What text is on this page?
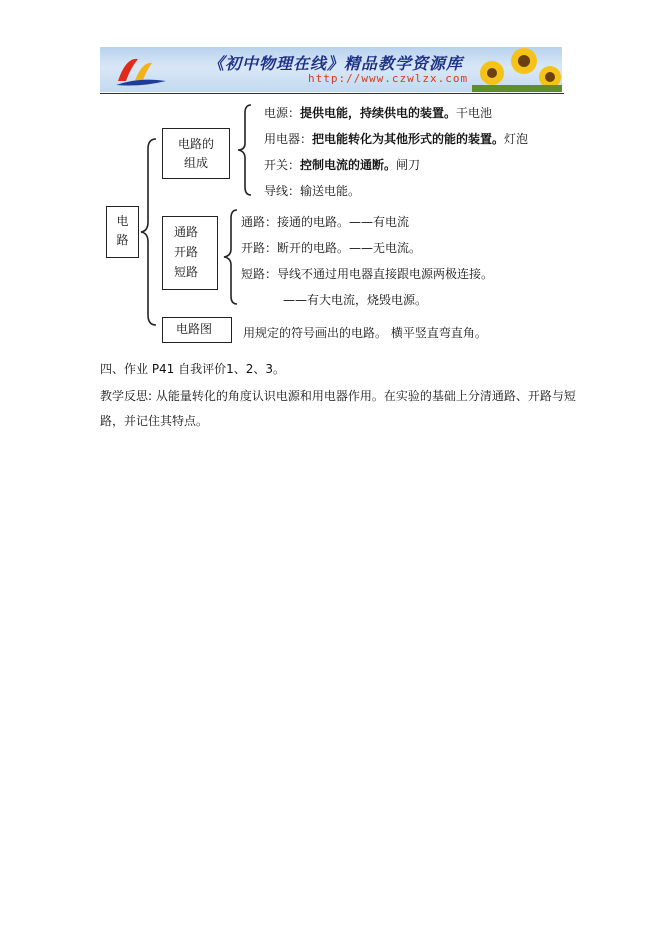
《初中物理在线》精品教学资源库
http://www.czwlzx.com
电
路
电路的
组成
电源：提供电能，持续供电的装置。干电池
用电器：把电能转化为其他形式的能的装置。灯泡
开关：控制电流的通断。闸刀
导线：输送电能。
通路
开路
短路
通路：接通的电路。——有电流
开路：断开的电路。——无电流。
短路：导线不通过用电器直接跟电源两极连接。
——有大电流，烧毁电源。
电路图	用规定的符号画出的电路。 横平竖直弯直角。
四、作业 P41 自我评价1、2、3。
教学反思: 从能量转化的角度认识电源和用电器作用。在实验的基础上分清通路、开路与短
路，并记住其特点。
